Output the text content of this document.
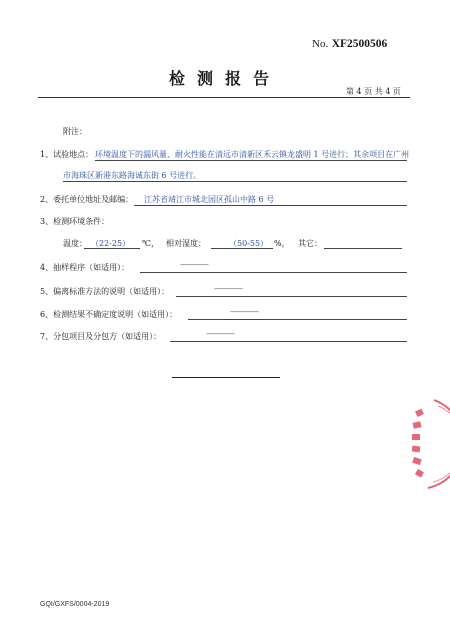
No. XF2500506
检测报告
第 4 页 共 4 页
附注：
1、试验地点： 环境温度下的漏风量、耐火性能在清远市清新区禾云镇龙盛明 1 号进行；其余项目在广州
市海珠区新港东路海诚东街 6 号进行。
2、委托单位地址及邮编： 江苏省靖江市城北园区孤山中路 6 号
3、检测环境条件：
温度： （22-25） ℃， 相对湿度：	（50-55） %， 其它：
4、抽样程序（如适用）：	————
5、偏离标准方法的说明（如适用）：	————
6、检测结果不确定度说明（如适用）：	————
7、分包项目及分包方（如适用）：	————
GQI/GXFS/0004-2019
